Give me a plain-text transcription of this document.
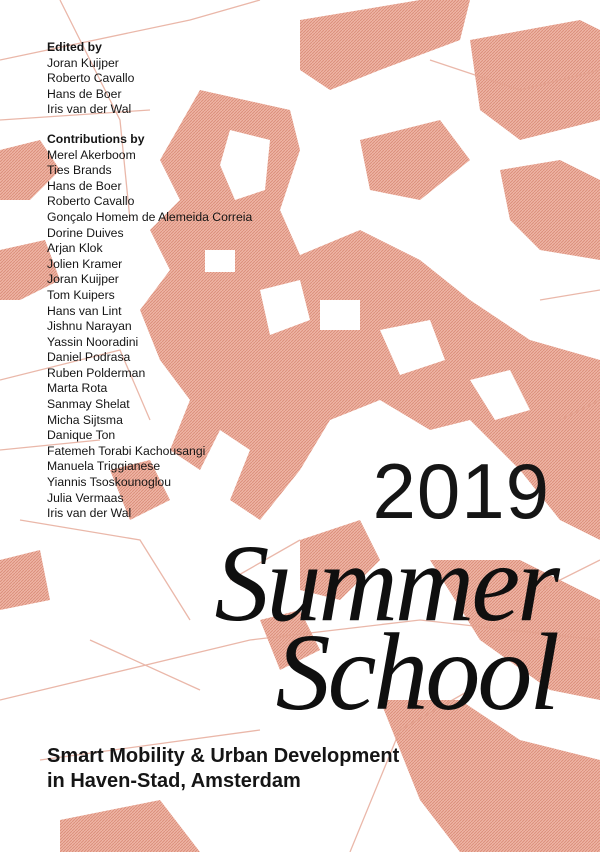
Edited by
Joran Kuijper
Roberto Cavallo
Hans de Boer
Iris van der Wal
Contributions by
Merel Akerboom
Ties Brands
Hans de Boer
Roberto Cavallo
Gonçalo Homem de Alemeida Correia
Dorine Duives
Arjan Klok
Jolien Kramer
Joran Kuijper
Tom Kuipers
Hans van Lint
Jishnu Narayan
Yassin Nooradini
Daniel Podrasa
Ruben Polderman
Marta Rota
Sanmay Shelat
Micha Sijtsma
Danique Ton
Fatemeh Torabi Kachousangi
Manuela Triggianese
Yiannis Tsoskounoglou
Julia Vermaas
Iris van der Wal	2019
Summer
School
Smart Mobility & Urban Development
in Haven-Stad, Amsterdam
